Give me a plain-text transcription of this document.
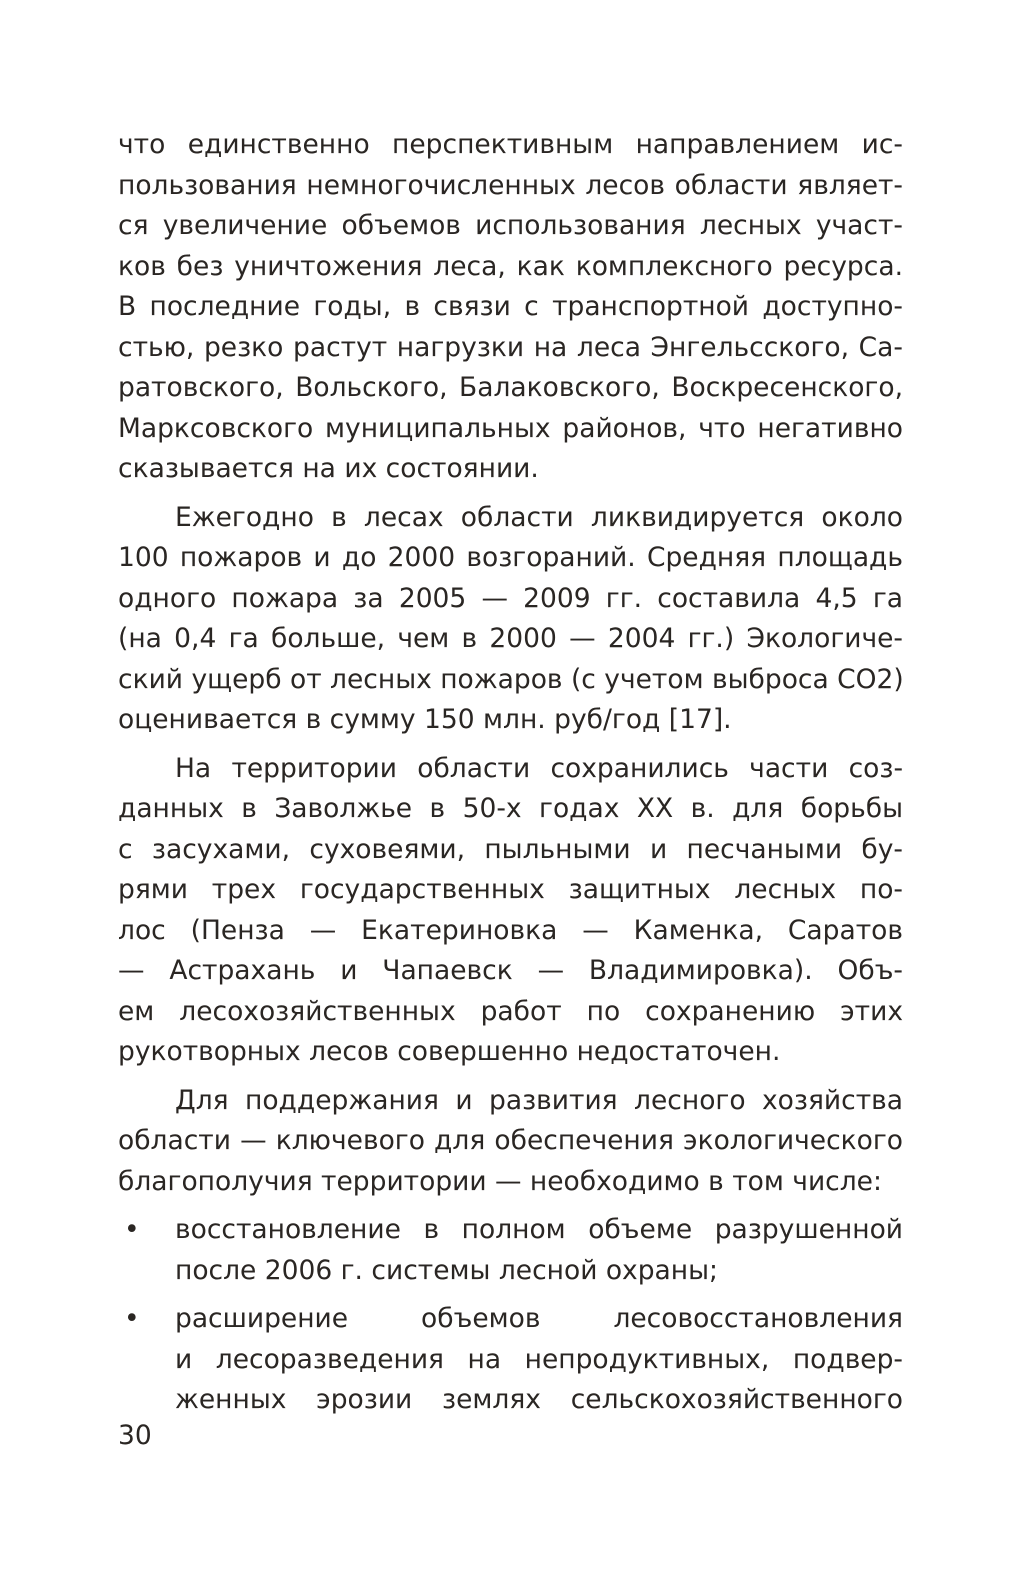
что единственно перспективным направлением ис-
пользования немногочисленных лесов области являет-
ся увеличение объемов использования лесных участ-
ков без уничтожения леса, как комплексного ресурса.
В последние годы, в связи с транспортной доступно-
стью, резко растут нагрузки на леса Энгельсского, Са-
ратовского, Вольского, Балаковского, Воскресенского,
Марксовского муниципальных районов, что негативно
сказывается на их состоянии.
Ежегодно в лесах области ликвидируется около
100 пожаров и до 2000 возгораний. Средняя площадь
одного пожара за 2005 — 2009 гг. составила 4,5 га
(на 0,4 га больше, чем в 2000 — 2004 гг.) Экологиче-
ский ущерб от лесных пожаров (с учетом выброса СО2)
оценивается в сумму 150 млн. руб/год [17].
На территории области сохранились части соз-
данных в Заволжье в 50-х годах XX в. для борьбы
с засухами, суховеями, пыльными и песчаными бу-
рями трех государственных защитных лесных по-
лос (Пенза — Екатериновка — Каменка, Саратов
— Астрахань и Чапаевск — Владимировка). Объ-
ем лесохозяйственных работ по сохранению этих
рукотворных лесов совершенно недостаточен.
Для поддержания и развития лесного хозяйства
области — ключевого для обеспечения экологического
благополучия территории — необходимо в том числе:
•	восстановление в полном объеме разрушенной
после 2006 г. системы лесной охраны;
•	расширение объемов лесовосстановления
и лесоразведения на непродуктивных, подвер-
женных эрозии землях сельскохозяйственного
30
